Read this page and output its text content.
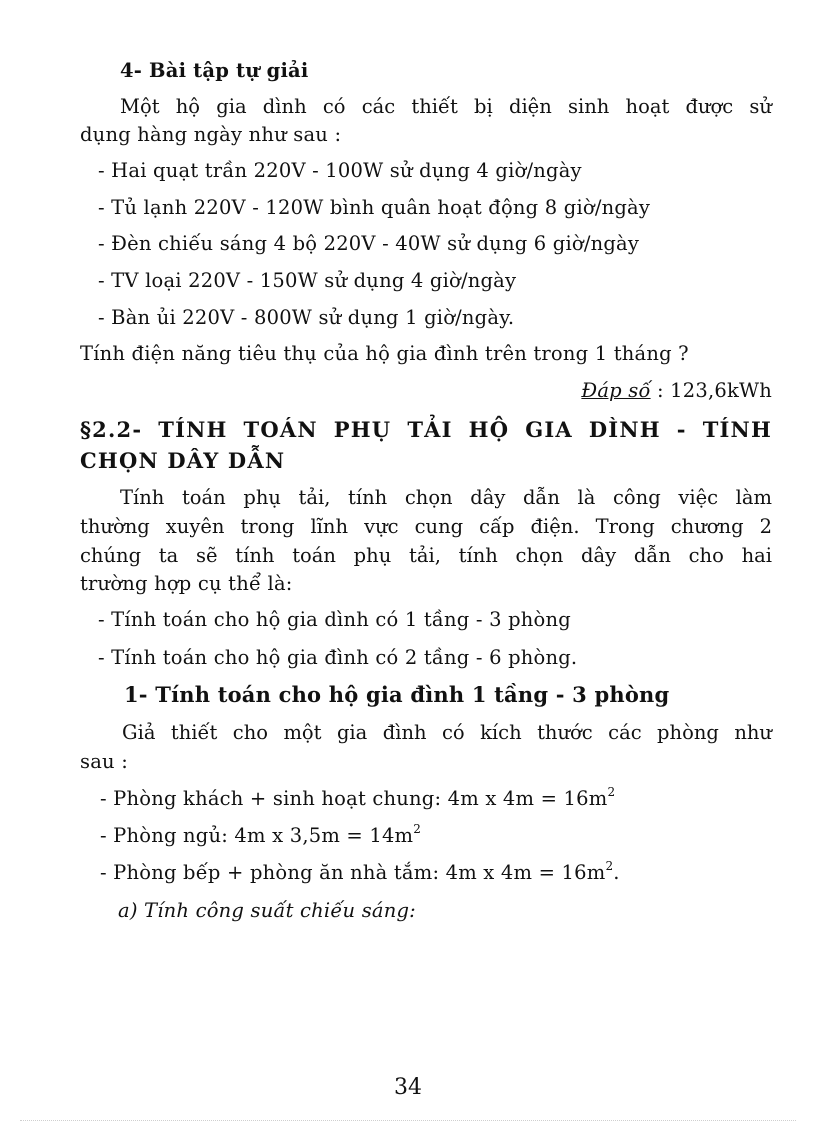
4- Bài tập tự giải
Một hộ gia dình có các thiết bị diện sinh hoạt được sử
dụng hàng ngày như sau :
- Hai quạt trần 220V - 100W sử dụng 4 giờ/ngày
- Tủ lạnh 220V - 120W bình quân hoạt động 8 giờ/ngày
- Đèn chiếu sáng 4 bộ 220V - 40W sử dụng 6 giờ/ngày
- TV loại 220V - 150W sử dụng 4 giờ/ngày
- Bàn ủi 220V - 800W sử dụng 1 giờ/ngày.
Tính điện năng tiêu thụ của hộ gia đình trên trong 1 tháng ?
Đáp số : 123,6kWh
§2.2- TÍNH TOÁN PHỤ TẢI HỘ GIA DÌNH - TÍNH
CHỌN DÂY DẪN
Tính toán phụ tải, tính chọn dây dẫn là công việc làm
thường xuyên trong lĩnh vực cung cấp điện. Trong chương 2
chúng ta sẽ tính toán phụ tải, tính chọn dây dẫn cho hai
trường hợp cụ thể là:
- Tính toán cho hộ gia dình có 1 tầng - 3 phòng
- Tính toán cho hộ gia đình có 2 tầng - 6 phòng.
1- Tính toán cho hộ gia đình 1 tầng - 3 phòng
Giả thiết cho một gia đình có kích thước các phòng như
sau :
- Phòng khách + sinh hoạt chung: 4m x $4m = 16m^2$
- Phòng ngủ: 4m x $3,5m = 14m^2$
- Phòng bếp + phòng ăn nhà tắm: 4m x $4m = 16m^2$.
a) Tính công suất chiếu sáng:
34
